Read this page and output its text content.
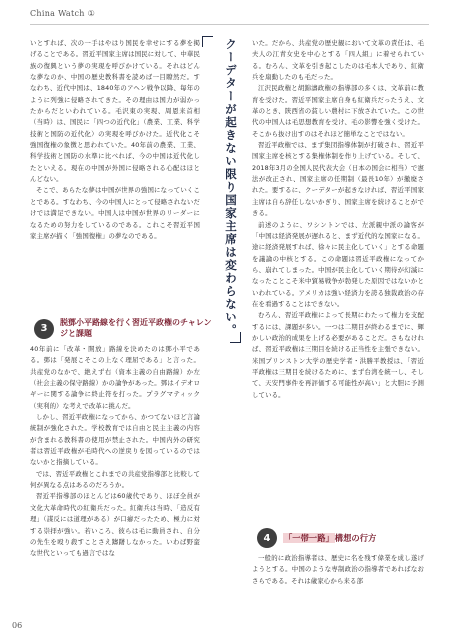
China Watch ①

いとすれば、次の一手はやはり国民を幸せにする夢を掲げることである。習近平国家主席は国民に対して、中華民族の復興という夢の実現を呼びかけている。それはどんな夢なのか、中国の歴史教科書を読めば一目瞭然だ。すなわち、近代中国は、1840年のアヘン戦争以降、毎年のように列強に侵略されてきた。その理由は国力が弱かったからだといわれている。毛沢東の実現、周恩来首相（当時）は、国民に「四つの近代化」（農業、工業、科学技術と国防の近代化）の実現を呼びかけた。近代化こそ強国復権の象徴と思われていた。40年前の農業、工業、科学技術と国防の水準に比べれば、今の中国は近代化したといえる。現在の中国が外国に侵略される心配はほとんどない。

そこで、あらたな夢は中国が世界の強国になっていくことである。すなわち、今の中国人にとって侵略されないだけでは満足できない。中国人は中国が世界のリーダーになるための努力をしているのである。これこそ習近平国家主席が描く「強国復権」の夢なのである。

3
脱鄧小平路線を行く習近平政権のチャレンジと課題

40年前に「改革・開放」路線を決めたのは鄧小平である。鄧は「発展こそこの上なく理屈である」と言った。共産党のなかで、絶えず右（資本主義の自由路線）か左（社会主義の保守路線）かの論争があった。鄧はイデオロギーに関する論争に終止符を打った。プラグマティック（実利的）な考えで改革に挑んだ。

しかし、習近平政権になってから、かつてないほど言論統制が強化された。学校教育では自由と民主主義の内容が含まれる教科書の使用が禁止された。中国内外の研究者は習近平政権が毛時代への逆戻りを図っているのではないかと指摘している。

では、習近平政権とこれまでの共産党指導部と比較して何が異なる点はあるのだろうか。

習近平指導部のほとんどは60歳代であり、ほぼ全員が文化大革命時代の紅衛兵だった。紅衛兵は当時、「造反有理」（謀反には道理がある）が口癖だったため、極力に対する崇拝が強い。若いころ、彼らは毛に動員され、自分の先生を殴り殺すことさえ躊躇しなかった。いわば野蛮な世代といっても過言ではな

クーデターが起きない限り国家主席は変わらない。 いた。だから、共産党の歴史観において文革の責任は、毛夫人の江青女史を中心とする「四人組」に着せられている。むろん、文革を引き起こしたのは毛本人であり、紅衛兵を扇動したのも毛だった。

江沢民政権と胡錦濤政権の指導部の多くは、文革前に教育を受けた。習近平国家主席自身も紅衛兵だったうえ、文革のとき、陝西省の貧しい農村に下放されていた。この世代の中国人は毛思想教育を受け、毛の影響を強く受けた。そこから抜け出すのはそれほど簡単なことではない。

習近平政権では、まず集団指導体制が打破され、習近平国家主席を核とする集権体制を作り上げている。そして、2018年3月の全国人民代表大会（日本の国会に相当）で憲法が改正され、国家主席の任期制（最長10年）が撤廃された。要するに、クーデターが起きなければ、習近平国家主席は自ら辞任しないかぎり、国家主席を続けることができる。

前述のように、ワシントンでは、左派親中派の論客が「中国は経済発展が遅れると、まず近代的な国家になる。途に経済発展すれば、徐々に民主化していく」とする命題を議論の中核とする。この命題は習近平政権になってから、崩れてしまった。中国が民主化していく期待が幻滅になったことこそ米中貿易戦争が勃発した原因ではないかといわれている。アメリカは強い経済力を誇る独裁政治の存在を看過することはできない。

むろん、習近平政権によって長期にわたって権力を支配するには、課題が多い。一つは二期目が終わるまでに、輝かしい政治的成果を上げる必要があることだ。さもなければ、習近平政権は三期目を続ける正当性を主張できない。米国プリンストン大学の歴史学者・洪勝平教授は、「習近平政権は三期目を続けるために、まず台湾を統一し、そして、天安門事件を再評価する可能性が高い」と大胆に予測している。

4	「一帯一路」構想の行方

一般的に政治指導者は、歴史に名を残す偉業を成し遂げようとする。中国のような専制政治の指導者であればなおさらである。それは歳家心から来る部

06
